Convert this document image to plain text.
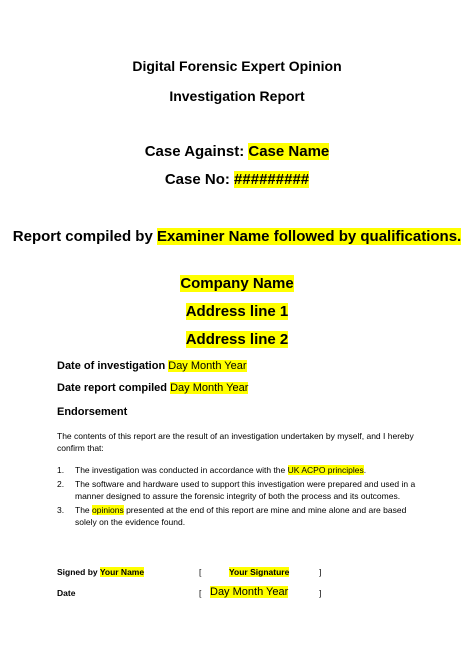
Digital Forensic Expert Opinion
Investigation Report
Case Against: Case Name
Case No: #########
Report compiled by Examiner Name followed by qualifications.
Company Name
Address line 1
Address line 2
Date of investigation Day Month Year
Date report compiled Day Month Year
Endorsement
The contents of this report are the result of an investigation undertaken by myself, and I hereby confirm that:
1. The investigation was conducted in accordance with the UK ACPO principles.
2. The software and hardware used to support this investigation were prepared and used in a manner designed to assure the forensic integrity of both the process and its outcomes.
3. The opinions presented at the end of this report are mine and mine alone and are based solely on the evidence found.
Signed by Your Name	[	Your Signature	]
Date	[ Day Month Year	]
